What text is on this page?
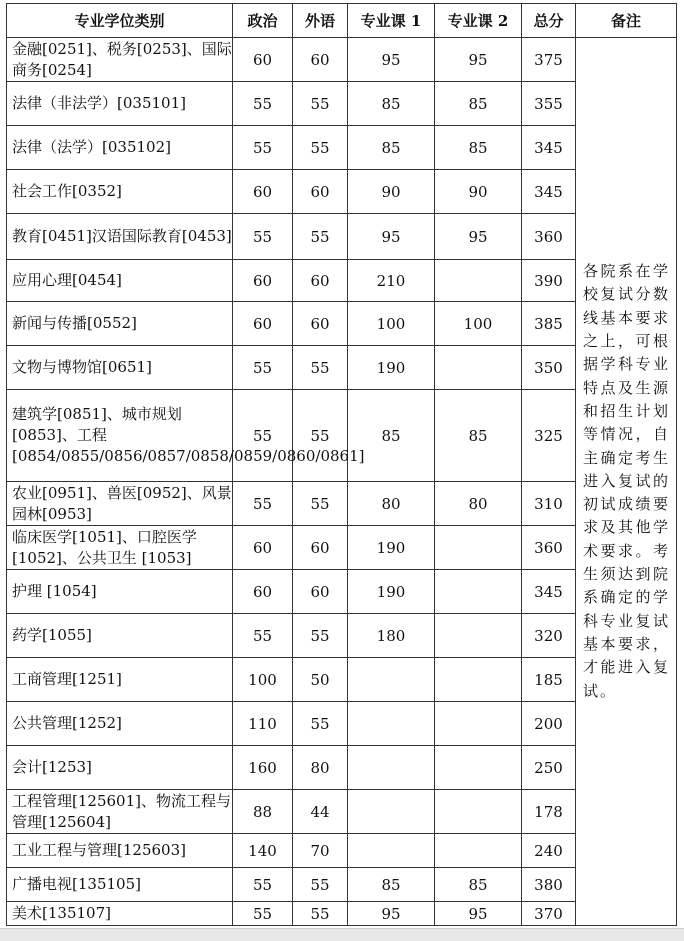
专业学位类别	政治	外语	专业课 1	专业课 2	总分	备注
金融[0251]、税务[0253]、国际商务[0254]	60	60	95	95	375	各院系在学校复试分数线基本要求之上，可根据学科专业特点及生源和招生计划等情况，自主确定考生进入复试的初试成绩要求及其他学术要求。考生须达到院系确定的学科专业复试基本要求，才能进入复试。
法律（非法学）[035101]	55	55	85	85	355	
法律（法学）[035102]	55	55	85	85	345	
社会工作[0352]	60	60	90	90	345	
教育[0451]汉语国际教育[0453]	55	55	95	95	360	
应用心理[0454]	60	60	210		390	
新闻与传播[0552]	60	60	100	100	385	
文物与博物馆[0651]	55	55	190		350	
建筑学[0851]、城市规划[0853]、工程[0854/0855/0856/0857/0858/0859/0860/0861]	55	55	85	85	325	
农业[0951]、兽医[0952]、风景园林[0953]	55	55	80	80	310	
临床医学[1051]、口腔医学[1052]、公共卫生 [1053]	60	60	190		360	
护理 [1054]	60	60	190		345	
药学[1055]	55	55	180		320	
工商管理[1251]	100	50			185	
公共管理[1252]	110	55			200	
会计[1253]	160	80			250	
工程管理[125601]、物流工程与管理[125604]	88	44			178	
工业工程与管理[125603]	140	70			240	
广播电视[135105]	55	55	85	85	380	
美术[135107]	55	55	95	95	370	
